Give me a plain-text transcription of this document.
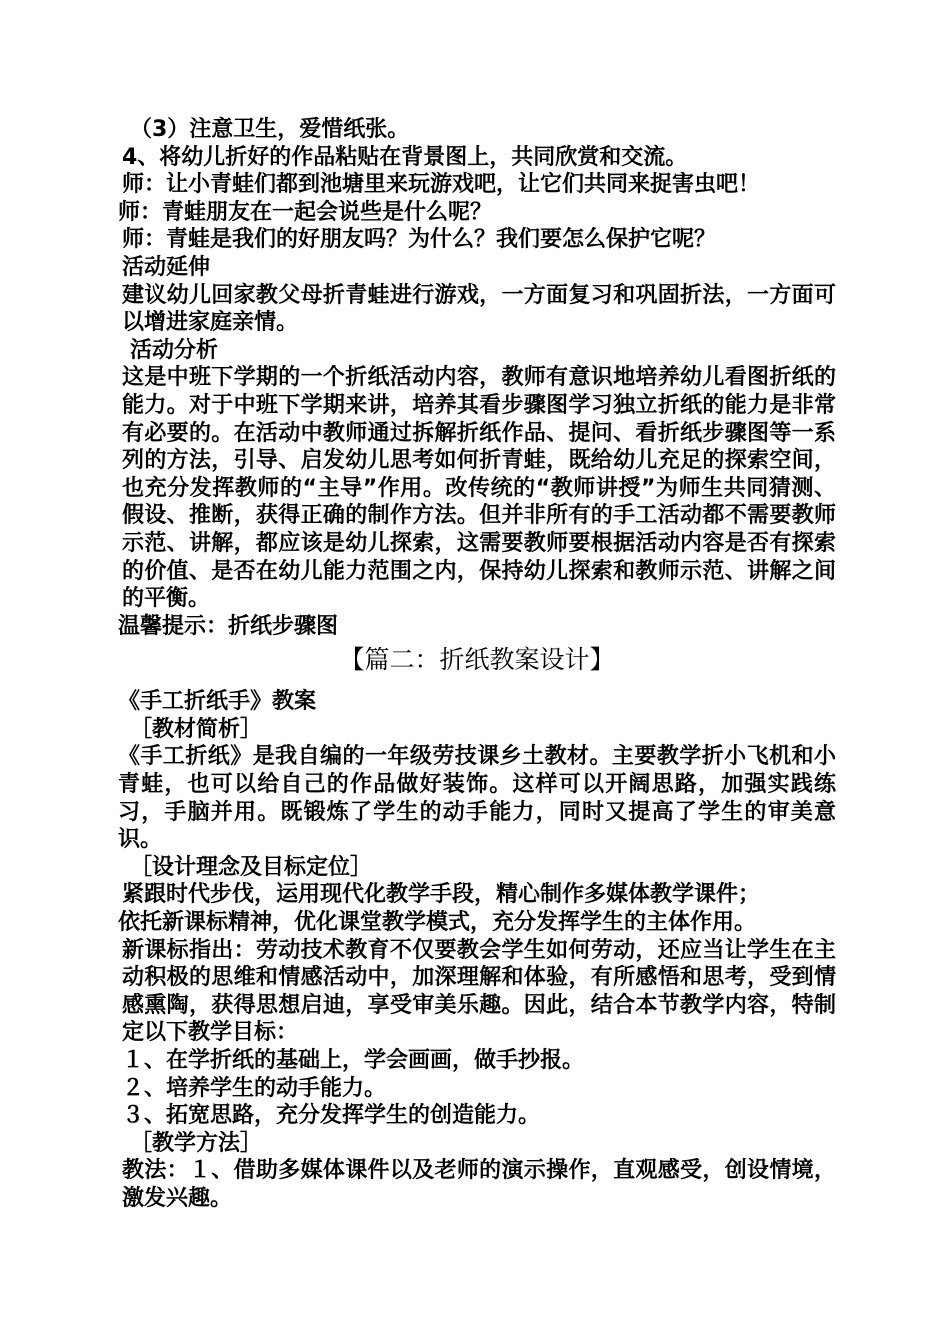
（3）注意卫生，爱惜纸张。
4、将幼儿折好的作品粘贴在背景图上，共同欣赏和交流。
师：让小青蛙们都到池塘里来玩游戏吧，让它们共同来捉害虫吧！
师：青蛙朋友在一起会说些是什么呢？
师：青蛙是我们的好朋友吗？为什么？我们要怎么保护它呢？
活动延伸
建议幼儿回家教父母折青蛙进行游戏，一方面复习和巩固折法，一方面可以增进家庭亲情。
活动分析
这是中班下学期的一个折纸活动内容，教师有意识地培养幼儿看图折纸的能力。对于中班下学期来讲，培养其看步骤图学习独立折纸的能力是非常有必要的。在活动中教师通过拆解折纸作品、提问、看折纸步骤图等一系列的方法，引导、启发幼儿思考如何折青蛙，既给幼儿充足的探索空间，也充分发挥教师的“主导”作用。改传统的“教师讲授”为师生共同猜测、假设、推断，获得正确的制作方法。但并非所有的手工活动都不需要教师示范、讲解，都应该是幼儿探索，这需要教师要根据活动内容是否有探索的价值、是否在幼儿能力范围之内，保持幼儿探索和教师示范、讲解之间的平衡。
温馨提示：折纸步骤图
【篇二：折纸教案设计】
《手工折纸手》教案
［教材简析］
《手工折纸》是我自编的一年级劳技课乡土教材。主要教学折小飞机和小青蛙，也可以给自己的作品做好装饰。这样可以开阔思路，加强实践练习，手脑并用。既锻炼了学生的动手能力，同时又提高了学生的审美意识。
［设计理念及目标定位］
紧跟时代步伐，运用现代化教学手段，精心制作多媒体教学课件；
依托新课标精神，优化课堂教学模式，充分发挥学生的主体作用。
新课标指出：劳动技术教育不仅要教会学生如何劳动，还应当让学生在主动积极的思维和情感活动中，加深理解和体验，有所感悟和思考，受到情感熏陶，获得思想启迪，享受审美乐趣。因此，结合本节教学内容，特制定以下教学目标：
１、在学折纸的基础上，学会画画，做手抄报。
２、培养学生的动手能力。
３、拓宽思路，充分发挥学生的创造能力。
［教学方法］
教法：１、借助多媒体课件以及老师的演示操作，直观感受，创设情境，激发兴趣。
